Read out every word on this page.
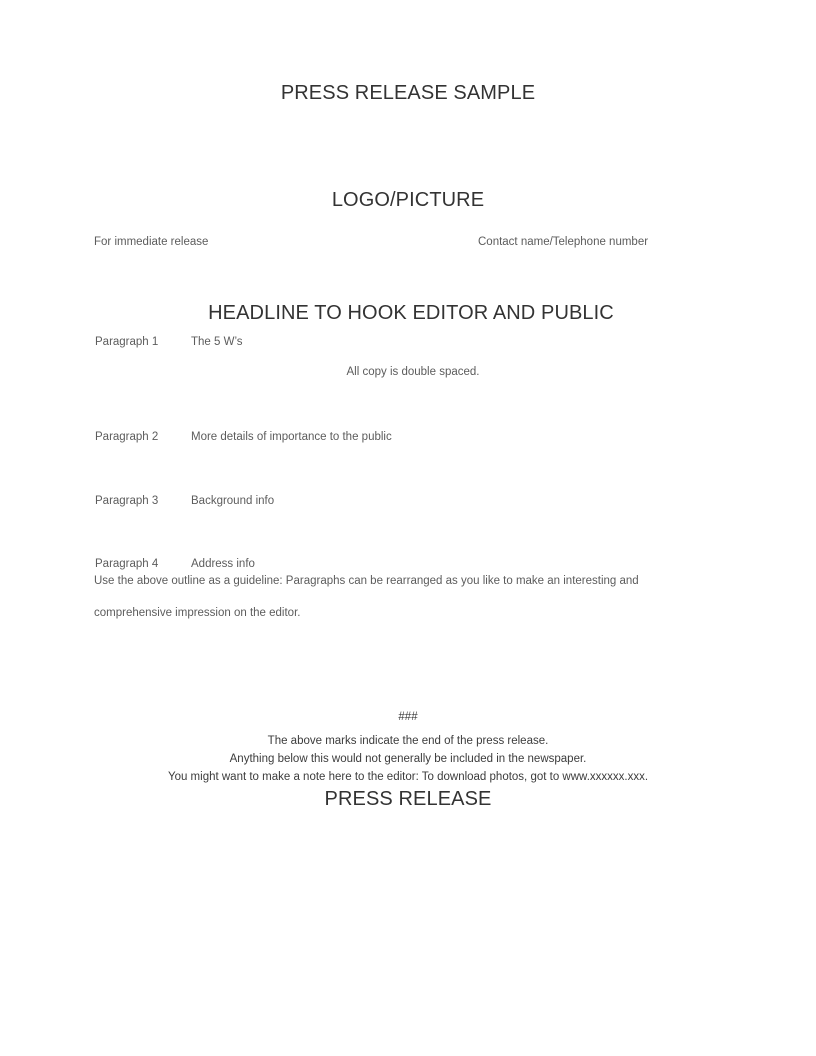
PRESS RELEASE SAMPLE
LOGO/PICTURE
For immediate release	Contact name/Telephone number
HEADLINE TO HOOK EDITOR AND PUBLIC
Paragraph 1	The 5 W’s
All copy is double spaced.
Paragraph 2	More details of importance to the public
Paragraph 3	Background info
Paragraph 4	Address info
Use the above outline as a guideline: Paragraphs can be rearranged as you like to make an interesting and
comprehensive impression on the editor.
###
The above marks indicate the end of the press release.
Anything below this would not generally be included in the newspaper.
You might want to make a note here to the editor: To download photos, got to www.xxxxxx.xxx.
PRESS RELEASE
